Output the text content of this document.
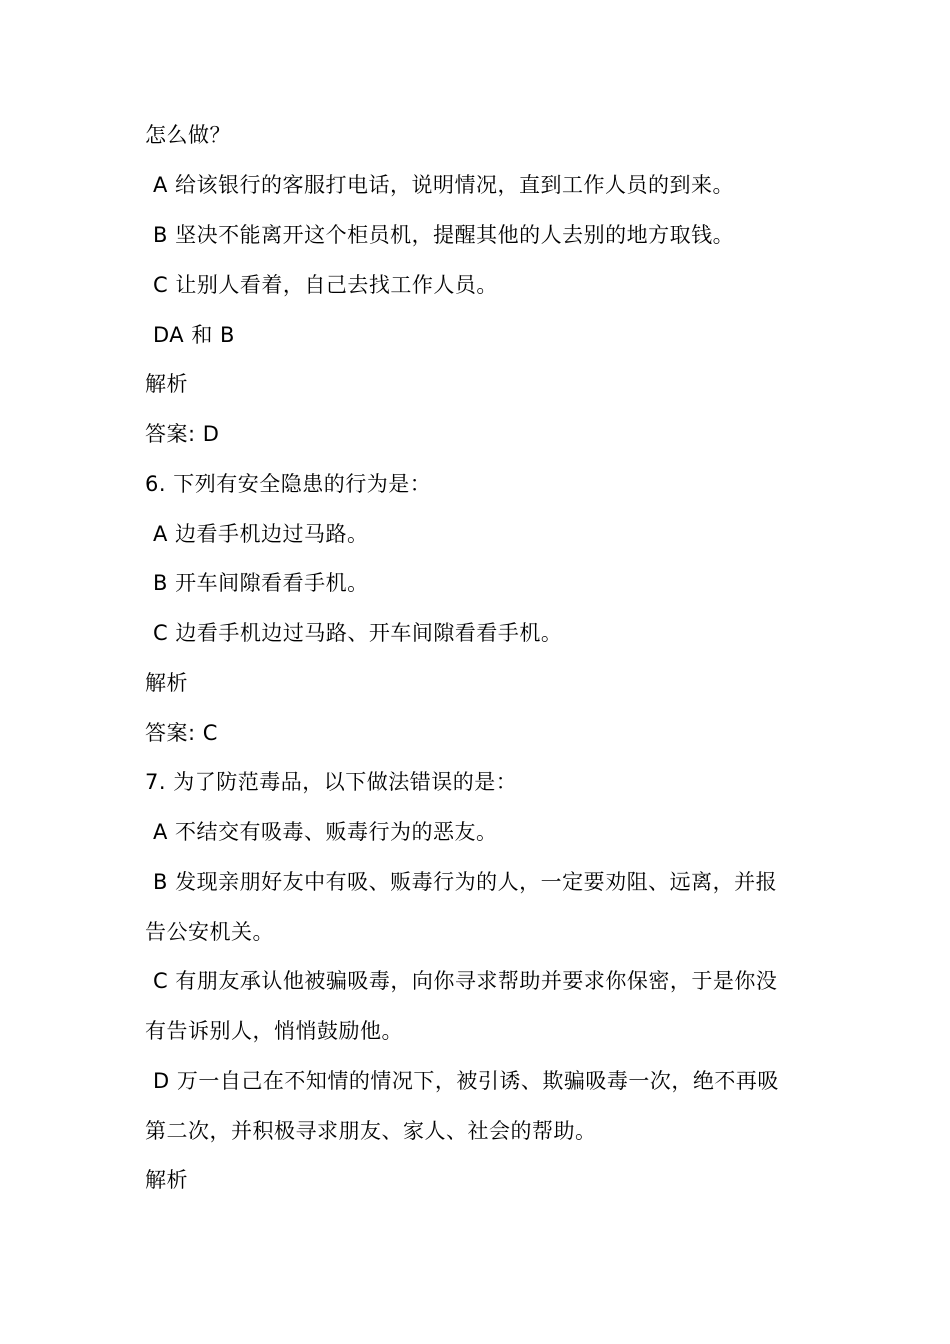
怎么做？
A 给该银行的客服打电话，说明情况，直到工作人员的到来。
B 坚决不能离开这个柜员机，提醒其他的人去别的地方取钱。
C 让别人看着，自己去找工作人员。
DA 和 B
解析
答案: D
6. 下列有安全隐患的行为是：
A 边看手机边过马路。
B 开车间隙看看手机。
C 边看手机边过马路、开车间隙看看手机。
解析
答案: C
7. 为了防范毒品，以下做法错误的是：
A 不结交有吸毒、贩毒行为的恶友。
B 发现亲朋好友中有吸、贩毒行为的人，一定要劝阻、远离，并报
告公安机关。
C 有朋友承认他被骗吸毒，向你寻求帮助并要求你保密，于是你没
有告诉别人，悄悄鼓励他。
D 万一自己在不知情的情况下，被引诱、欺骗吸毒一次，绝不再吸
第二次，并积极寻求朋友、家人、社会的帮助。
解析
